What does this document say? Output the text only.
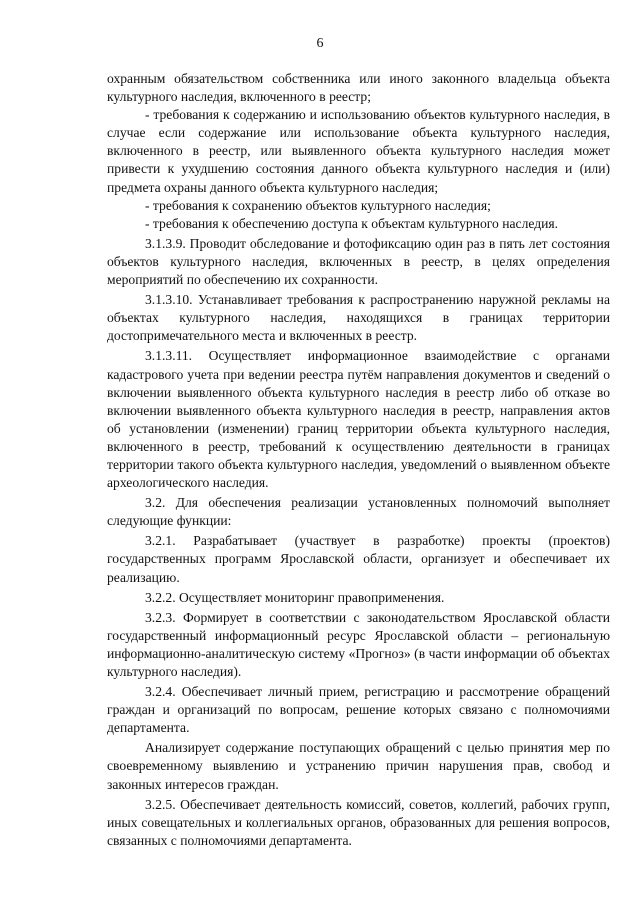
6

охранным обязательством собственника или иного законного владельца объекта культурного наследия, включенного в реестр;

- требования к содержанию и использованию объектов культурного наследия, в случае если содержание или использование объекта культурного наследия, включенного в реестр, или выявленного объекта культурного наследия может привести к ухудшению состояния данного объекта культурного наследия и (или) предмета охраны данного объекта культурного наследия;

- требования к сохранению объектов культурного наследия;

- требования к обеспечению доступа к объектам культурного наследия.

3.1.3.9. Проводит обследование и фотофиксацию один раз в пять лет состояния объектов культурного наследия, включенных в реестр, в целях определения мероприятий по обеспечению их сохранности.

3.1.3.10. Устанавливает требования к распространению наружной рекламы на объектах культурного наследия, находящихся в границах территории достопримечательного места и включенных в реестр.

3.1.3.11. Осуществляет информационное взаимодействие с органами кадастрового учета при ведении реестра путём направления документов и сведений о включении выявленного объекта культурного наследия в реестр либо об отказе во включении выявленного объекта культурного наследия в реестр, направления актов об установлении (изменении) границ территории объекта культурного наследия, включенного в реестр, требований к осуществлению деятельности в границах территории такого объекта культурного наследия, уведомлений о выявленном объекте археологического наследия.

3.2. Для обеспечения реализации установленных полномочий выполняет следующие функции:

3.2.1. Разрабатывает (участвует в разработке) проекты (проектов) государственных программ Ярославской области, организует и обеспечивает их реализацию.

3.2.2. Осуществляет мониторинг правоприменения.

3.2.3. Формирует в соответствии с законодательством Ярославской области государственный информационный ресурс Ярославской области – региональную информационно-аналитическую систему «Прогноз» (в части информации об объектах культурного наследия).

3.2.4. Обеспечивает личный прием, регистрацию и рассмотрение обращений граждан и организаций по вопросам, решение которых связано с полномочиями департамента.

Анализирует содержание поступающих обращений с целью принятия мер по своевременному выявлению и устранению причин нарушения прав, свобод и законных интересов граждан.

3.2.5. Обеспечивает деятельность комиссий, советов, коллегий, рабочих групп, иных совещательных и коллегиальных органов, образованных для решения вопросов, связанных с полномочиями департамента.
